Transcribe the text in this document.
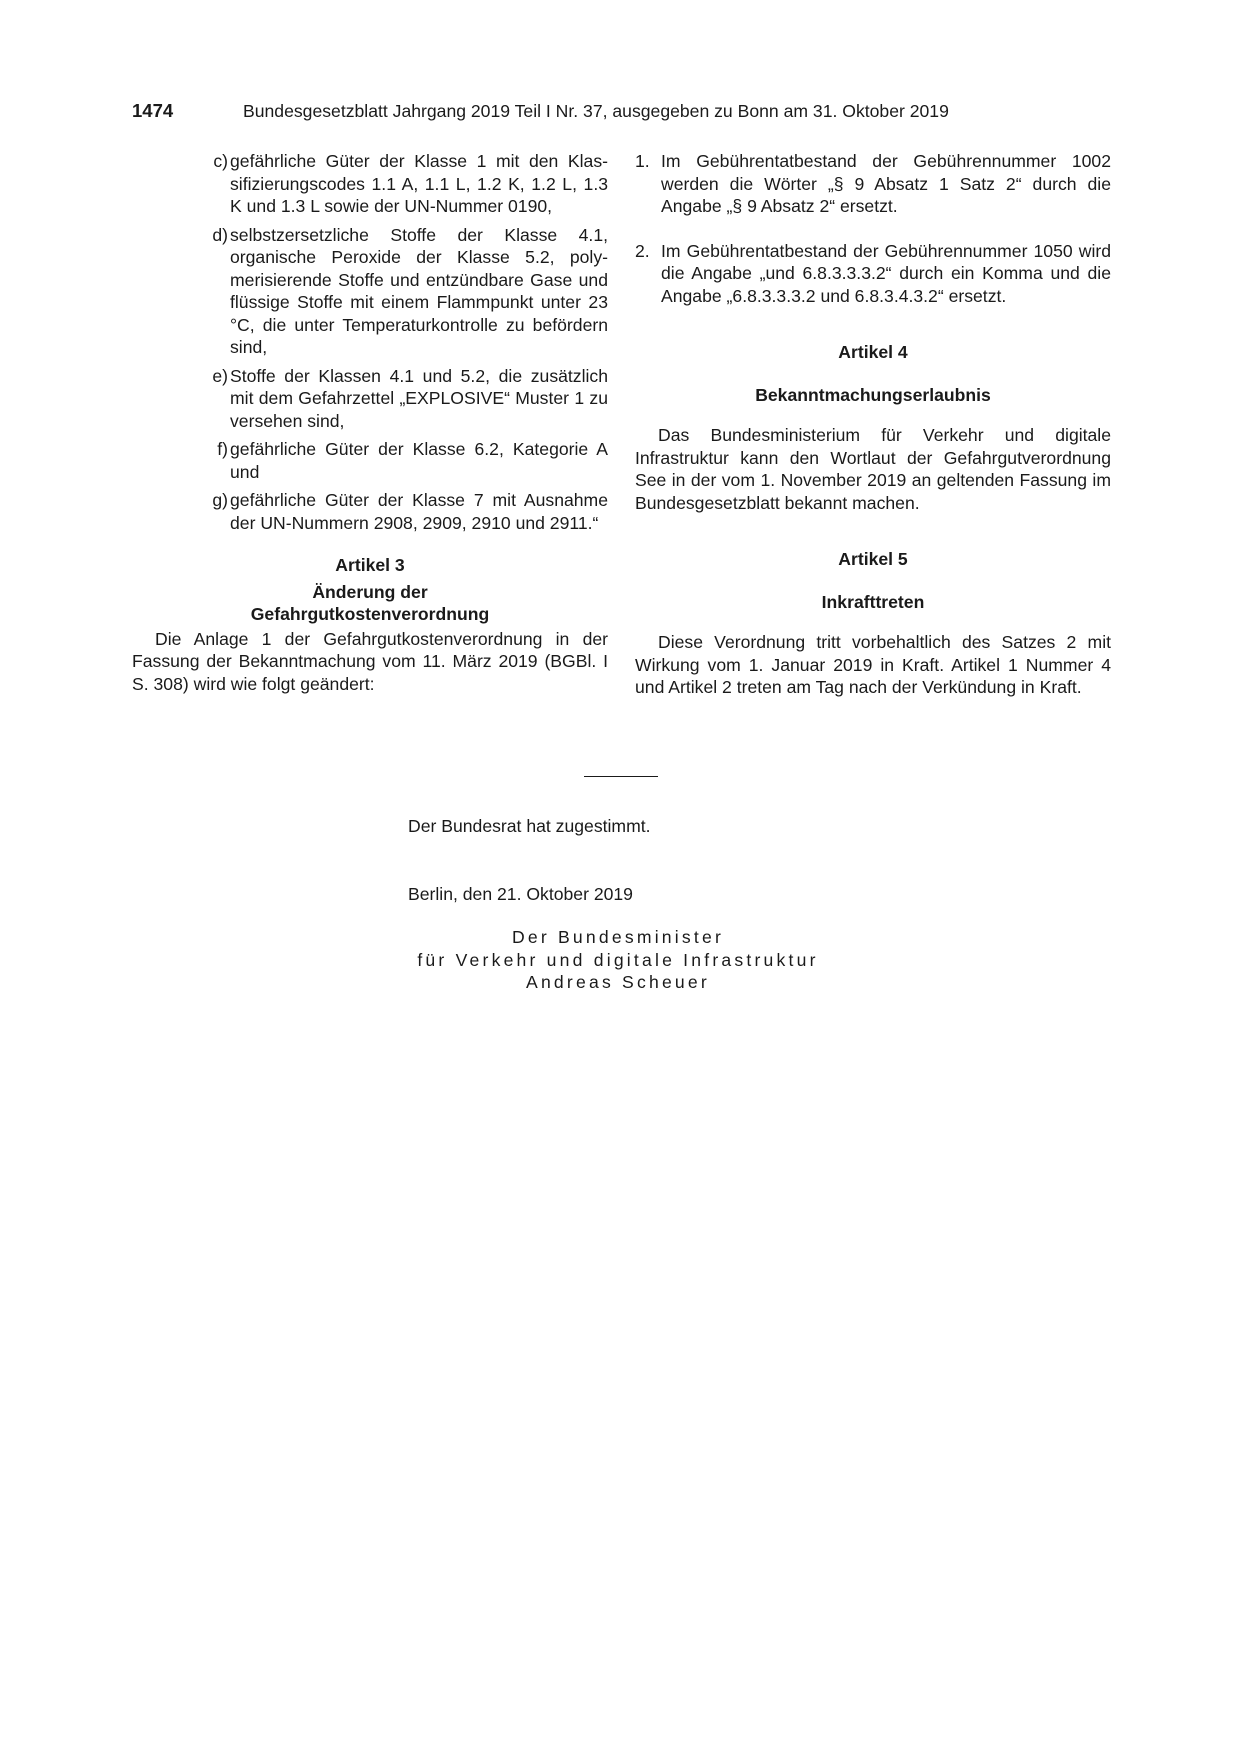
1474	Bundesgesetzblatt Jahrgang 2019 Teil I Nr. 37, ausgegeben zu Bonn am 31. Oktober 2019
c) gefährliche Güter der Klasse 1 mit den Klassifizierungscodes 1.1 A, 1.1 L, 1.2 K, 1.2 L, 1.3 K und 1.3 L sowie der UN-Nummer 0190,
d) selbstzersetzliche Stoffe der Klasse 4.1, organische Peroxide der Klasse 5.2, polymerisierende Stoffe und entzündbare Gase und flüssige Stoffe mit einem Flammpunkt unter 23 °C, die unter Temperaturkontrolle zu befördern sind,
e) Stoffe der Klassen 4.1 und 5.2, die zusätzlich mit dem Gefahrzettel „EXPLOSIVE“ Muster 1 zu versehen sind,
f) gefährliche Güter der Klasse 6.2, Kategorie A und
g) gefährliche Güter der Klasse 7 mit Ausnahme der UN-Nummern 2908, 2909, 2910 und 2911.“
Artikel 3
Änderung der
Gefahrgutkostenverordnung
Die Anlage 1 der Gefahrgutkostenverordnung in der Fassung der Bekanntmachung vom 11. März 2019 (BGBl. I S. 308) wird wie folgt geändert:
1. Im Gebührentatbestand der Gebührennummer 1002 werden die Wörter „§ 9 Absatz 1 Satz 2“ durch die Angabe „§ 9 Absatz 2“ ersetzt.
2. Im Gebührentatbestand der Gebührennummer 1050 wird die Angabe „und 6.8.3.3.3.2“ durch ein Komma und die Angabe „6.8.3.3.3.2 und 6.8.3.4.3.2“ ersetzt.
Artikel 4
Bekanntmachungserlaubnis
Das Bundesministerium für Verkehr und digitale Infrastruktur kann den Wortlaut der Gefahrgutverordnung See in der vom 1. November 2019 an geltenden Fassung im Bundesgesetzblatt bekannt machen.
Artikel 5
Inkrafttreten
Diese Verordnung tritt vorbehaltlich des Satzes 2 mit Wirkung vom 1. Januar 2019 in Kraft. Artikel 1 Nummer 4 und Artikel 2 treten am Tag nach der Verkündung in Kraft.
Der Bundesrat hat zugestimmt.
Berlin, den 21. Oktober 2019
Der Bundesminister
für Verkehr und digitale Infrastruktur
Andreas Scheuer
